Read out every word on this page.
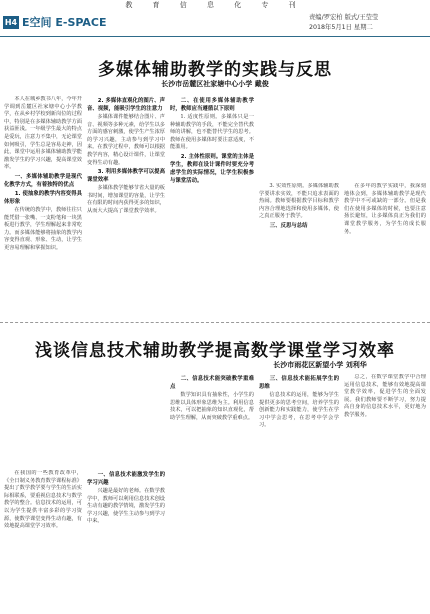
教 育 信 息 化 专 刊
H4 E空间 E-SPACE	责编/罗宏柏 版式/王莹莹
2018年5月1日 星期二
多媒体辅助教学的实践与反思
长沙市岳麓区社家塘中心小学 戴俊

本人在城乡教书八年，今年开学调到岳麓区社家塘中心小学教学，在从乡村学校到新岗位的过程中，特别是在多媒体辅助教学方面获益匪浅。一年级学生最大的特点是爱玩，注意力不集中，无论课堂如何吸引，学生总是容易走神，因此，课堂中运用多媒体辅助教学能激发学生的学习兴趣，提高课堂效率。

一、多媒体辅助教学是现代化教学方式，有着独特的优点
1. 使抽象的教学内容变得具体形象

在传统的教学中，教师往往只能凭借一张嘴、一支粉笔和一块黑板进行教学，学生理解起来非常吃力。而多媒体能够将抽象的教学内容变得直观、形象、生动，让学生更容易理解和掌握知识。

2. 多媒体直观化的图片、声音、视频，能吸引学生的注意力

多媒体课件能够结合图片、声音、视频等多种元素，给学生以多方面的感官刺激，使学生产生浓厚的学习兴趣，主动参与到学习中来。在教学过程中，教师可以根据教学内容，精心设计课件，让课堂变得生动有趣。

3. 利用多媒体教学可以提高课堂效率

多媒体教学能够节省大量的板书时间，增加课堂的容量，让学生在有限的时间内获得更多的知识，从而大大提高了课堂教学效率。

二、在使用多媒体辅助教学时，教师应当遵循以下原则

1. 适度性原则。多媒体只是一种辅助教学的手段，不能完全替代教师的讲解，也不能替代学生的思考。教师在使用多媒体时要注意适度，不能滥用。

2. 主体性原则。课堂的主体是学生，教师在设计课件时要充分考虑学生的实际情况，让学生积极参与课堂活动。

3. 实效性原则。多媒体辅助教学要讲求实效，不能只追求表面的热闹。教师要根据教学目标和教学内容合理地选择和使用多媒体，使之真正服务于教学。

三、反思与总结

在多年的教学实践中，我深刻地体会到，多媒体辅助教学是现代教学中不可或缺的一部分。但是我们在使用多媒体的时候，也要注意扬长避短，让多媒体真正为我们的课堂教学服务，为学生的成长服务。

浅谈信息技术辅助教学提高数学课堂学习效率
长沙市雨花区新望小学 刘利华

在我国的一些教育改革中，《全日制义务教育数学课程标准》提出了数学教学要与学生的生活实际相联系，要重视信息技术与数学教学的整合。信息技术的运用，可以为学生提供丰富多彩的学习资源，使数学课堂变得生动有趣，有效地提高课堂学习效率。

一、信息技术能激发学生的学习兴趣

兴趣是最好的老师。在数学教学中，教师可以利用信息技术创设生动有趣的教学情境，激发学生的学习兴趣，使学生主动参与到学习中来。

二、信息技术能突破教学重难点

数学知识具有抽象性，小学生的思维以具体形象思维为主。利用信息技术，可以把抽象的知识直观化，帮助学生理解，从而突破教学重难点。

三、信息技术能拓展学生的思维

信息技术的运用，能够为学生提供更多的思考空间，培养学生的创新能力和实践能力，使学生在学习中学会思考，在思考中学会学习。

总之，在数学课堂教学中合理运用信息技术，能够有效地提高课堂教学效率，促进学生的全面发展。我们教师要不断学习，努力提高自身的信息技术水平，更好地为教学服务。
